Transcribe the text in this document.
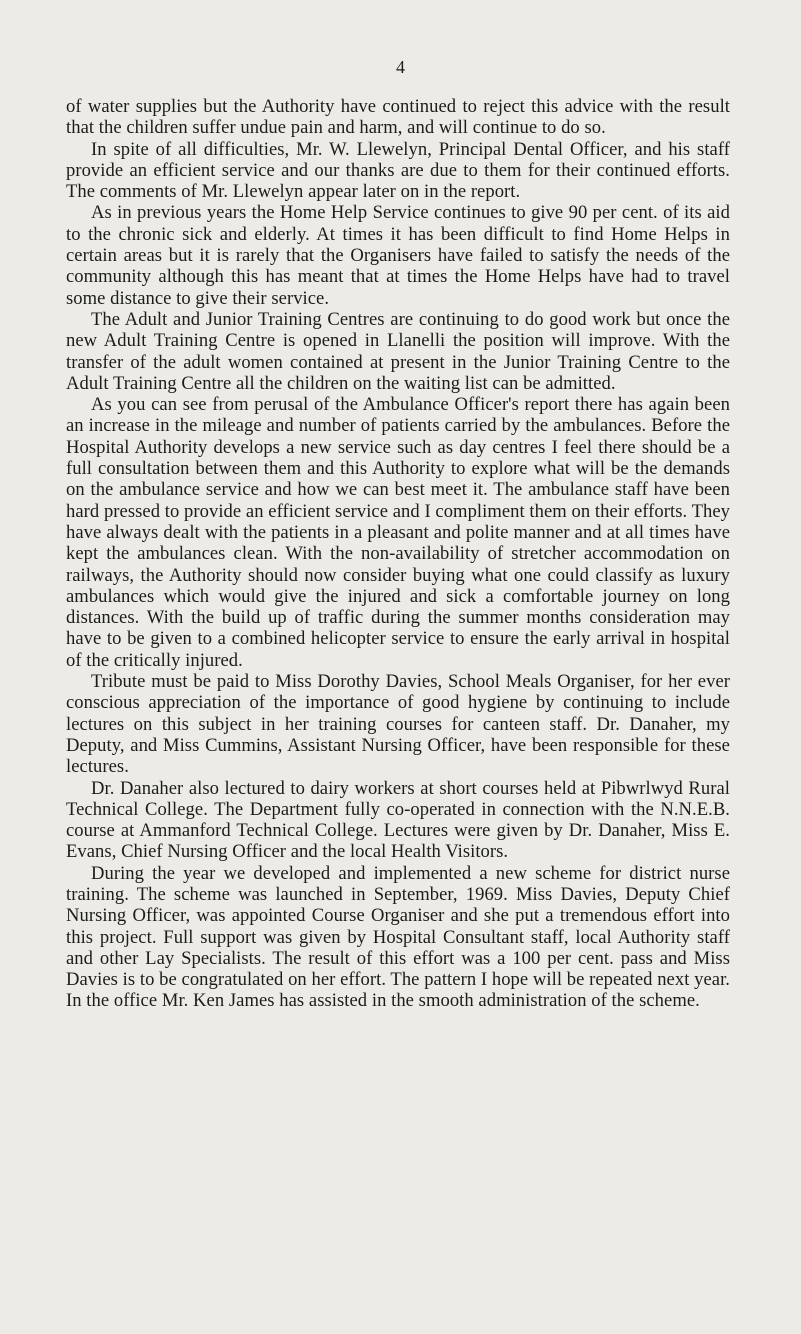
4

of water supplies but the Authority have continued to reject this advice with the result that the children suffer undue pain and harm, and will continue to do so.

In spite of all difficulties, Mr. W. Llewelyn, Principal Dental Officer, and his staff provide an efficient service and our thanks are due to them for their continued efforts. The comments of Mr. Llewelyn appear later on in the report.

As in previous years the Home Help Service continues to give 90 per cent. of its aid to the chronic sick and elderly. At times it has been difficult to find Home Helps in certain areas but it is rarely that the Organisers have failed to satisfy the needs of the community although this has meant that at times the Home Helps have had to travel some distance to give their service.

The Adult and Junior Training Centres are continuing to do good work but once the new Adult Training Centre is opened in Llanelli the position will improve. With the transfer of the adult women contained at present in the Junior Training Centre to the Adult Training Centre all the children on the waiting list can be admitted.

As you can see from perusal of the Ambulance Officer's report there has again been an increase in the mileage and number of patients carried by the ambulances. Before the Hospital Authority develops a new service such as day centres I feel there should be a full consultation between them and this Authority to explore what will be the demands on the ambulance service and how we can best meet it. The ambulance staff have been hard pressed to provide an efficient service and I compliment them on their efforts. They have always dealt with the patients in a pleasant and polite manner and at all times have kept the ambulances clean. With the non-availability of stretcher accommodation on railways, the Authority should now consider buying what one could classify as luxury ambulances which would give the injured and sick a comfortable journey on long distances. With the build up of traffic during the summer months consideration may have to be given to a combined helicopter service to ensure the early arrival in hospital of the critically injured.

Tribute must be paid to Miss Dorothy Davies, School Meals Organiser, for her ever conscious appreciation of the importance of good hygiene by continuing to include lectures on this subject in her training courses for canteen staff. Dr. Danaher, my Deputy, and Miss Cummins, Assistant Nursing Officer, have been responsible for these lectures.

Dr. Danaher also lectured to dairy workers at short courses held at Pibwrlwyd Rural Technical College. The Department fully co-operated in connection with the N.N.E.B. course at Ammanford Technical College. Lectures were given by Dr. Danaher, Miss E. Evans, Chief Nursing Officer and the local Health Visitors.

During the year we developed and implemented a new scheme for district nurse training. The scheme was launched in September, 1969. Miss Davies, Deputy Chief Nursing Officer, was appointed Course Organiser and she put a tremendous effort into this project. Full support was given by Hospital Consultant staff, local Authority staff and other Lay Specialists. The result of this effort was a 100 per cent. pass and Miss Davies is to be congratulated on her effort. The pattern I hope will be repeated next year. In the office Mr. Ken James has assisted in the smooth administration of the scheme.
